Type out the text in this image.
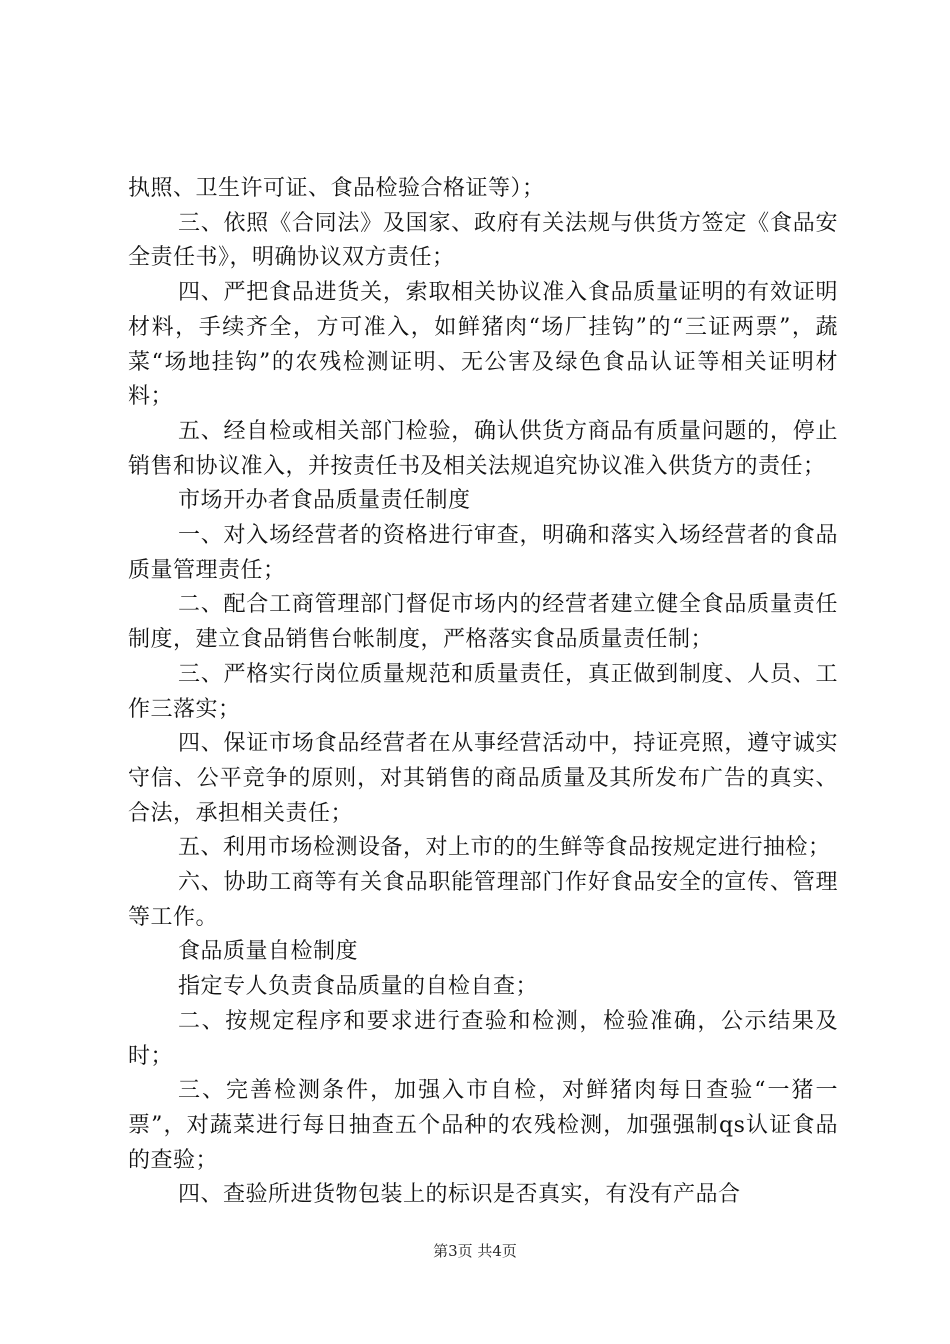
执照、卫生许可证、食品检验合格证等）；

三、依照《合同法》及国家、政府有关法规与供货方签定《食品安全责任书》，明确协议双方责任；

四、严把食品进货关，索取相关协议准入食品质量证明的有效证明材料，手续齐全，方可准入，如鲜猪肉“场厂挂钩”的“三证两票”，蔬菜“场地挂钩”的农残检测证明、无公害及绿色食品认证等相关证明材料；

五、经自检或相关部门检验，确认供货方商品有质量问题的，停止销售和协议准入，并按责任书及相关法规追究协议准入供货方的责任；

市场开办者食品质量责任制度

一、对入场经营者的资格进行审查，明确和落实入场经营者的食品质量管理责任；

二、配合工商管理部门督促市场内的经营者建立健全食品质量责任制度，建立食品销售台帐制度，严格落实食品质量责任制；

三、严格实行岗位质量规范和质量责任，真正做到制度、人员、工作三落实；

四、保证市场食品经营者在从事经营活动中，持证亮照，遵守诚实守信、公平竞争的原则，对其销售的商品质量及其所发布广告的真实、合法，承担相关责任；

五、利用市场检测设备，对上市的的生鲜等食品按规定进行抽检；

六、协助工商等有关食品职能管理部门作好食品安全的宣传、管理等工作。

食品质量自检制度

指定专人负责食品质量的自检自查；

二、按规定程序和要求进行查验和检测，检验准确，公示结果及时；

三、完善检测条件，加强入市自检，对鲜猪肉每日查验“一猪一票”，对蔬菜进行每日抽查五个品种的农残检测，加强强制qs认证食品的查验；

四、查验所进货物包装上的标识是否真实，有没有产品合

第3页 共4页
